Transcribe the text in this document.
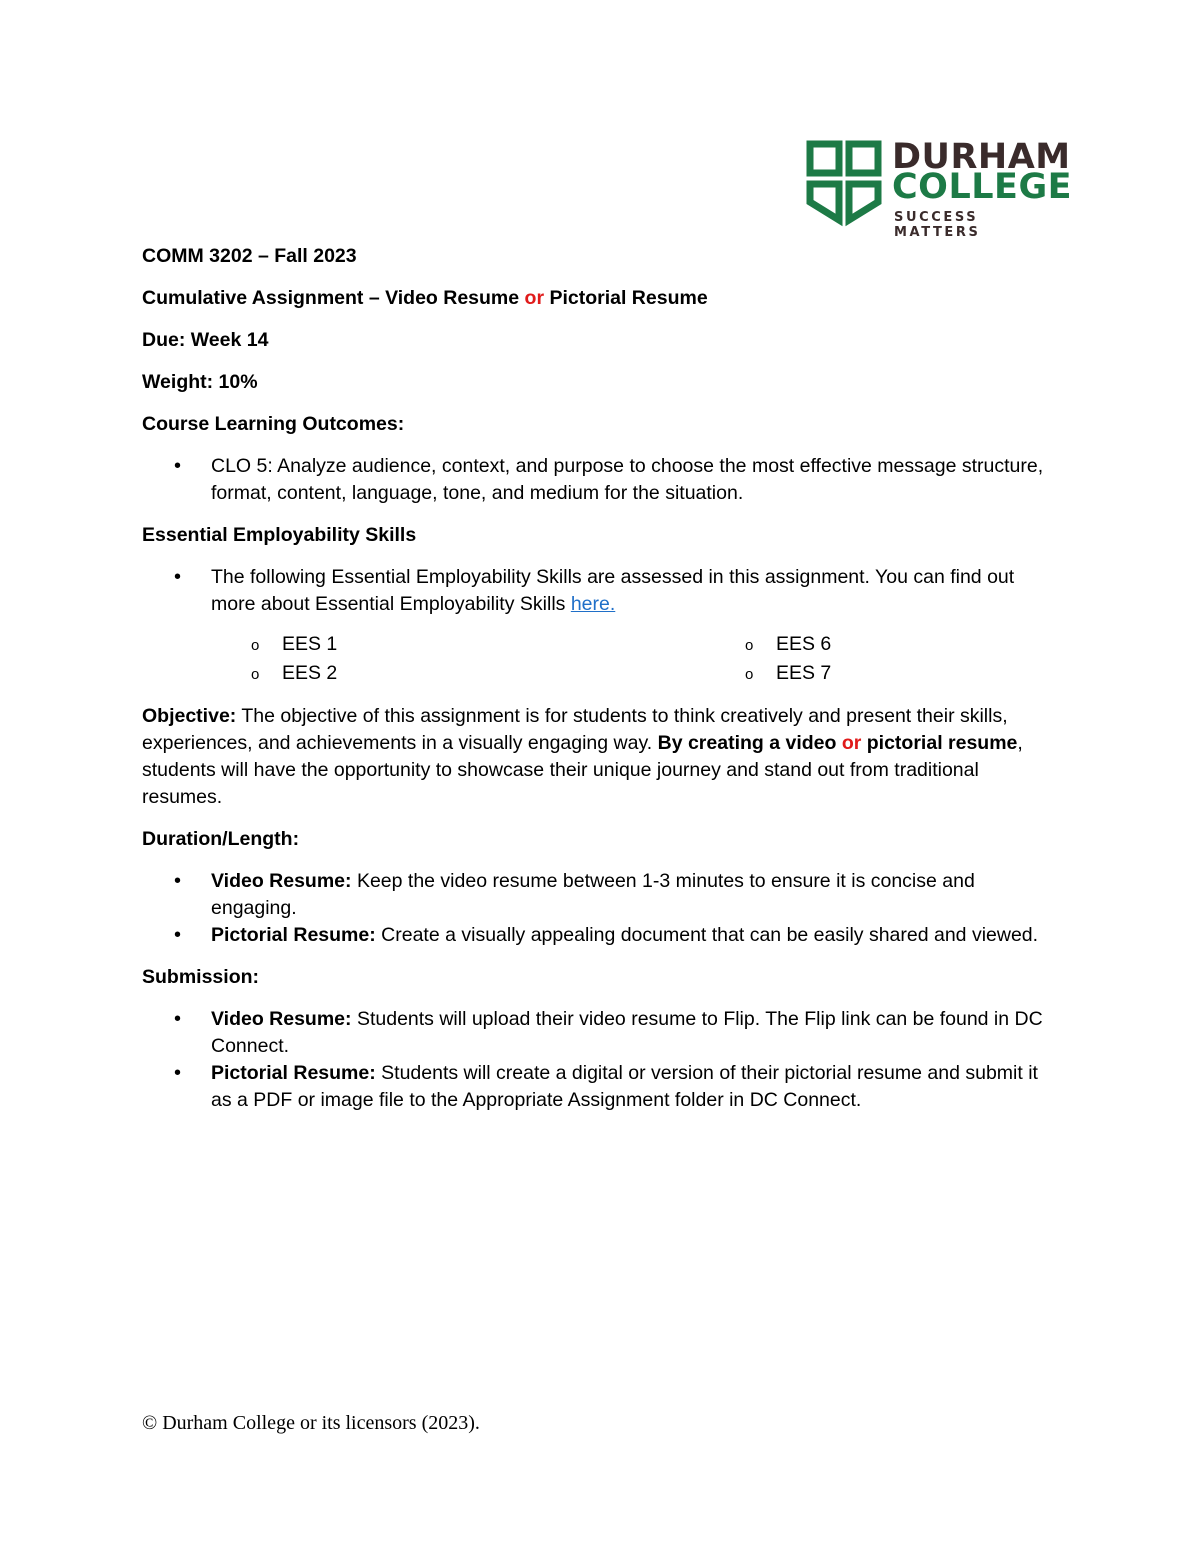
DURHAM
COLLEGE
SUCCESS MATTERS

COMM 3202 – Fall 2023

Cumulative Assignment – Video Resume or Pictorial Resume

Due: Week 14

Weight: 10%

Course Learning Outcomes:

• CLO 5: Analyze audience, context, and purpose to choose the most effective message structure, format, content, language, tone, and medium for the situation.

Essential Employability Skills

• The following Essential Employability Skills are assessed in this assignment. You can find out more about Essential Employability Skills here.
o EES 1	o EES 6
o EES 2	o EES 7

Objective: The objective of this assignment is for students to think creatively and present their skills, experiences, and achievements in a visually engaging way. By creating a video or pictorial resume, students will have the opportunity to showcase their unique journey and stand out from traditional resumes.

Duration/Length:

• Video Resume: Keep the video resume between 1-3 minutes to ensure it is concise and engaging.
• Pictorial Resume: Create a visually appealing document that can be easily shared and viewed.

Submission:

• Video Resume: Students will upload their video resume to Flip. The Flip link can be found in DC Connect.
• Pictorial Resume: Students will create a digital or version of their pictorial resume and submit it as a PDF or image file to the Appropriate Assignment folder in DC Connect.
© Durham College or its licensors (2023).
